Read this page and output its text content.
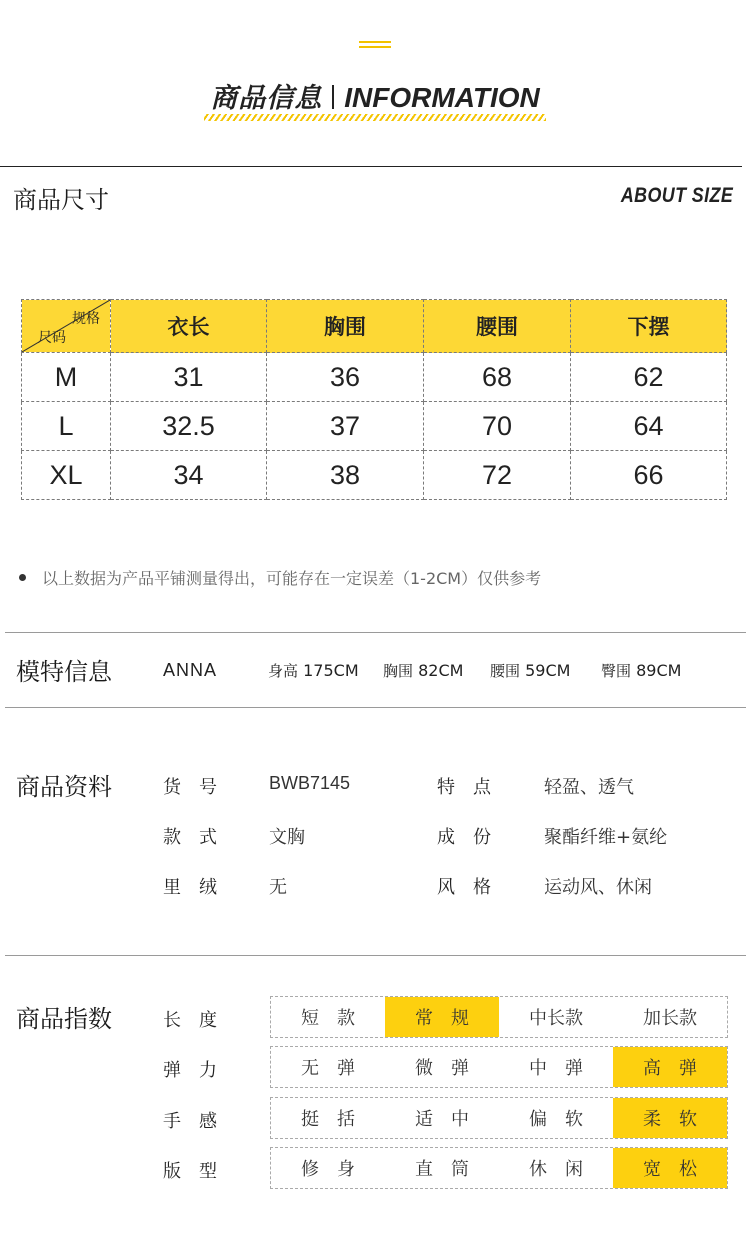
商品信息 INFORMATION
商品尺寸	ABOUT SIZE
规格
尺码	衣长	胸围	腰围	下摆
M	31	36	68	62
L	32.5	37	70	64
XL	34	38	72	66
以上数据为产品平铺测量得出，可能存在一定误差（1-2CM）仅供参考
模特信息	ANNA	身高 175CM 胸围 82CM 腰围 59CM 臀围 89CM
商品资料	货　号	BWB7145	特　点	轻盈、透气
款　式	文胸	成　份	聚酯纤维+氨纶
里　绒	无	风　格	运动风、休闲
商品指数	长　度	短　款	常　规	中长款	加长款
弹　力	无　弹	微　弹	中　弹	高　弹
手　感	挺　括	适　中	偏　软	柔　软
版　型	修　身	直　筒	休　闲	宽　松
